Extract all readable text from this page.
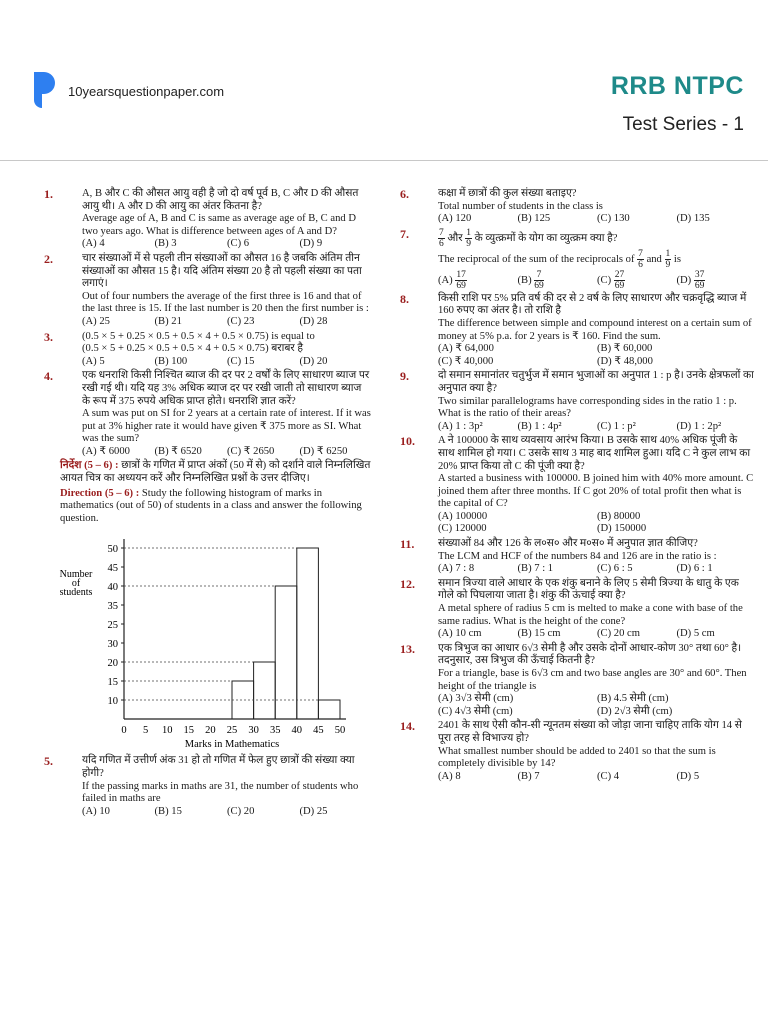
10yearsquestionpaper.com	RRB NTPC
Test Series - 1
1.	A, B और C की औसत आयु वही है जो दो वर्ष पूर्व B, C और D की औसत आयु थी। A और D की आयु का अंतर कितना है?
Average age of A, B and C is same as average age of B, C and D two years ago. What is difference between ages of A and D?
(A) 4	(B) 3	(C) 6	(D) 9
2.	चार संख्याओं में से पहली तीन संख्याओं का औसत 16 है जबकि अंतिम तीन संख्याओं का औसत 15 है। यदि अंतिम संख्या 20 है तो पहली संख्या का पता लगाएं।
Out of four numbers the average of the first three is 16 and that of the last three is 15. If the last number is 20 then the first number is :
(A) 25	(B) 21	(C) 23	(D) 28
3.	(0.5 × 5 + 0.25 × 0.5 + 0.5 × 4 + 0.5 × 0.75) is equal to
(0.5 × 5 + 0.25 × 0.5 + 0.5 × 4 + 0.5 × 0.75) बराबर है
(A) 5	(B) 100	(C) 15	(D) 20
4.	एक धनराशि किसी निश्चित ब्याज की दर पर 2 वर्षों के लिए साधारण ब्याज पर रखी गई थी। यदि यह 3% अधिक ब्याज दर पर रखी जाती तो साधारण ब्याज के रूप में 375 रुपये अधिक प्राप्त होते। धनराशि ज्ञात करें?
A sum was put on SI for 2 years at a certain rate of interest. If it was put at 3% higher rate it would have given ₹ 375 more as SI. What was the sum?
(A) ₹ 6000	(B) ₹ 6520	(C) ₹ 2650	(D) ₹ 6250
निर्देश (5 – 6) : छात्रों के गणित में प्राप्त अंकों (50 में से) को दर्शाने वाले निम्नलिखित आयत चित्र का अध्ययन करें और निम्नलिखित प्रश्नों के उत्तर दीजिए।
Direction (5 – 6) : Study the following histogram of marks in mathematics (out of 50) of students in a class and answer the following question.
10
15
20
30
25
35
40
45
50
0 5 10 15 20 25 30 35 40 45 50
Number
of
students
Marks in Mathematics
5.	यदि गणित में उत्तीर्ण अंक 31 हो तो गणित में फेल हुए छात्रों की संख्या क्या होगी?
If the passing marks in maths are 31, the number of students who failed in maths are
(A) 10	(B) 15	(C) 20	(D) 25
6.	कक्षा में छात्रों की कुल संख्या बताइए?
Total number of students in the class is
(A) 120	(B) 125	(C) 130	(D) 135
7.	$\frac{7}{6}$ और $\frac{1}{9}$ के व्युत्क्रमों के योग का व्युत्क्रम क्या है?
The reciprocal of the sum of the reciprocals of $\frac{7}{6}$ and $\frac{1}{9}$ is
$(A) \frac{17}{69}$	$(B) \frac{7}{69}$	$(C) \frac{27}{69}$	$(D) \frac{37}{69}$
8.	किसी राशि पर 5% प्रति वर्ष की दर से 2 वर्ष के लिए साधारण और चक्रवृद्धि ब्याज में 160 रुपए का अंतर है। तो राशि है
The difference between simple and compound interest on a certain sum of money at 5% p.a. for 2 years is ₹ 160. Find the sum.
(A) ₹ 64,000	(B) ₹ 60,000
(C) ₹ 40,000	(D) ₹ 48,000
9.	दो समान समानांतर चतुर्भुज में समान भुजाओं का अनुपात 1 : p है। उनके क्षेत्रफलों का अनुपात क्या है?
Two similar parallelograms have corresponding sides in the ratio 1 : p. What is the ratio of their areas?
(A) 1 : 3p²	(B) 1 : 4p²	(C) 1 : p²	(D) 1 : 2p²
10. A ने 100000 के साथ व्यवसाय आरंभ किया। B उसके साथ 40% अधिक पूंजी के साथ शामिल हो गया। C उसके साथ 3 माह बाद शामिल हुआ। यदि C ने कुल लाभ का 20% प्राप्त किया तो C की पूंजी क्या है?
A started a business with 100000. B joined him with 40% more amount. C joined them after three months. If C got 20% of total profit then what is the capital of C?
(A) 100000	(B) 80000
(C) 120000	(D) 150000
11. संख्याओं 84 और 126 के ल०स० और म०स० में अनुपात ज्ञात कीजिए?
The LCM and HCF of the numbers 84 and 126 are in the ratio is :
(A) 7 : 8	(B) 7 : 1	(C) 6 : 5	(D) 6 : 1
12. समान त्रिज्या वाले आधार के एक शंकु बनाने के लिए 5 सेमी त्रिज्या के धातु के एक गोले को पिघलाया जाता है। शंकु की ऊंचाई क्या है?
A metal sphere of radius 5 cm is melted to make a cone with base of the same radius. What is the height of the cone?
(A) 10 cm	(B) 15 cm	(C) 20 cm	(D) 5 cm
13. एक त्रिभुज का आधार 6√3 सेमी है और उसके दोनों आधार-कोण 30° तथा 60° है। तदनुसार, उस त्रिभुज की ऊँचाई कितनी है?
For a triangle, base is 6√3 cm and two base angles are 30° and 60°. Then height of the triangle is
(A) 3√3 सेमी (cm)	(B) 4.5 सेमी (cm)
(C) 4√3 सेमी (cm)	(D) 2√3 सेमी (cm)
14. 2401 के साथ ऐसी कौन-सी न्यूनतम संख्या को जोड़ा जाना चाहिए ताकि योग 14 से पूरा तरह से विभाज्य हो?
What smallest number should be added to 2401 so that the sum is completely divisible by 14?
(A) 8	(B) 7	(C) 4	(D) 5
